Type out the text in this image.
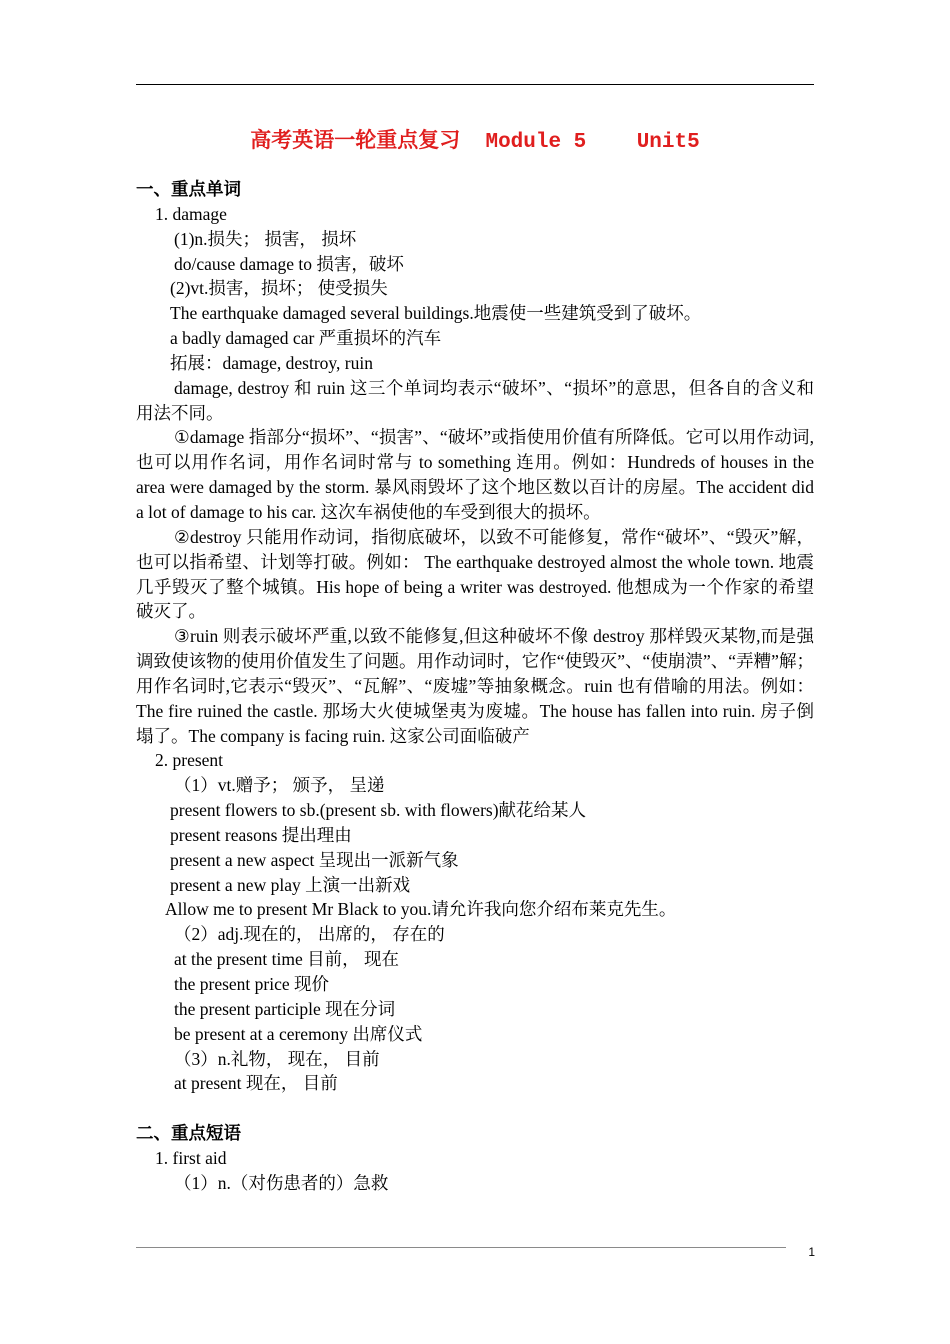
高考英语一轮重点复习  Module 5    Unit5

一、重点单词

1. damage

(1)n.损失； 损害， 损坏

do/cause damage to 损害，破坏

(2)vt.损害，损坏； 使受损失

The earthquake damaged several buildings.地震使一些建筑受到了破坏。

a badly damaged car 严重损坏的汽车

拓展：damage, destroy, ruin

damage, destroy 和 ruin 这三个单词均表示“破坏”、“损坏”的意思，但各自的含义和用法不同。

①damage 指部分“损坏”、“损害”、“破坏”或指使用价值有所降低。它可以用作动词,也可以用作名词，用作名词时常与 to something 连用。例如：Hundreds of houses in the area were damaged by the storm. 暴风雨毁坏了这个地区数以百计的房屋。The accident did a lot of damage to his car. 这次车祸使他的车受到很大的损坏。

②destroy 只能用作动词，指彻底破坏，以致不可能修复，常作“破坏”、“毁灭”解，也可以指希望、计划等打破。例如： The earthquake destroyed almost the whole town. 地震几乎毁灭了整个城镇。His hope of being a writer was destroyed. 他想成为一个作家的希望破灭了。

③ruin 则表示破坏严重,以致不能修复,但这种破坏不像 destroy 那样毁灭某物,而是强调致使该物的使用价值发生了问题。用作动词时，它作“使毁灭”、“使崩溃”、“弄糟”解；用作名词时,它表示“毁灭”、“瓦解”、“废墟”等抽象概念。ruin 也有借喻的用法。例如：The fire ruined the castle. 那场大火使城堡夷为废墟。The house has fallen into ruin. 房子倒塌了。The company is facing ruin. 这家公司面临破产

2. present

（1）vt.赠予； 颁予， 呈递

present flowers to sb.(present sb. with flowers)献花给某人

present reasons 提出理由

present a new aspect 呈现出一派新气象

present a new play 上演一出新戏

Allow me to present Mr Black to you.请允许我向您介绍布莱克先生。

（2）adj.现在的， 出席的， 存在的

at the present time 目前， 现在

the present price 现价

the present participle 现在分词

be present at a ceremony 出席仪式

（3）n.礼物， 现在， 目前

at present 现在， 目前

二、重点短语

1. first aid

（1）n.（对伤患者的）急救

1
